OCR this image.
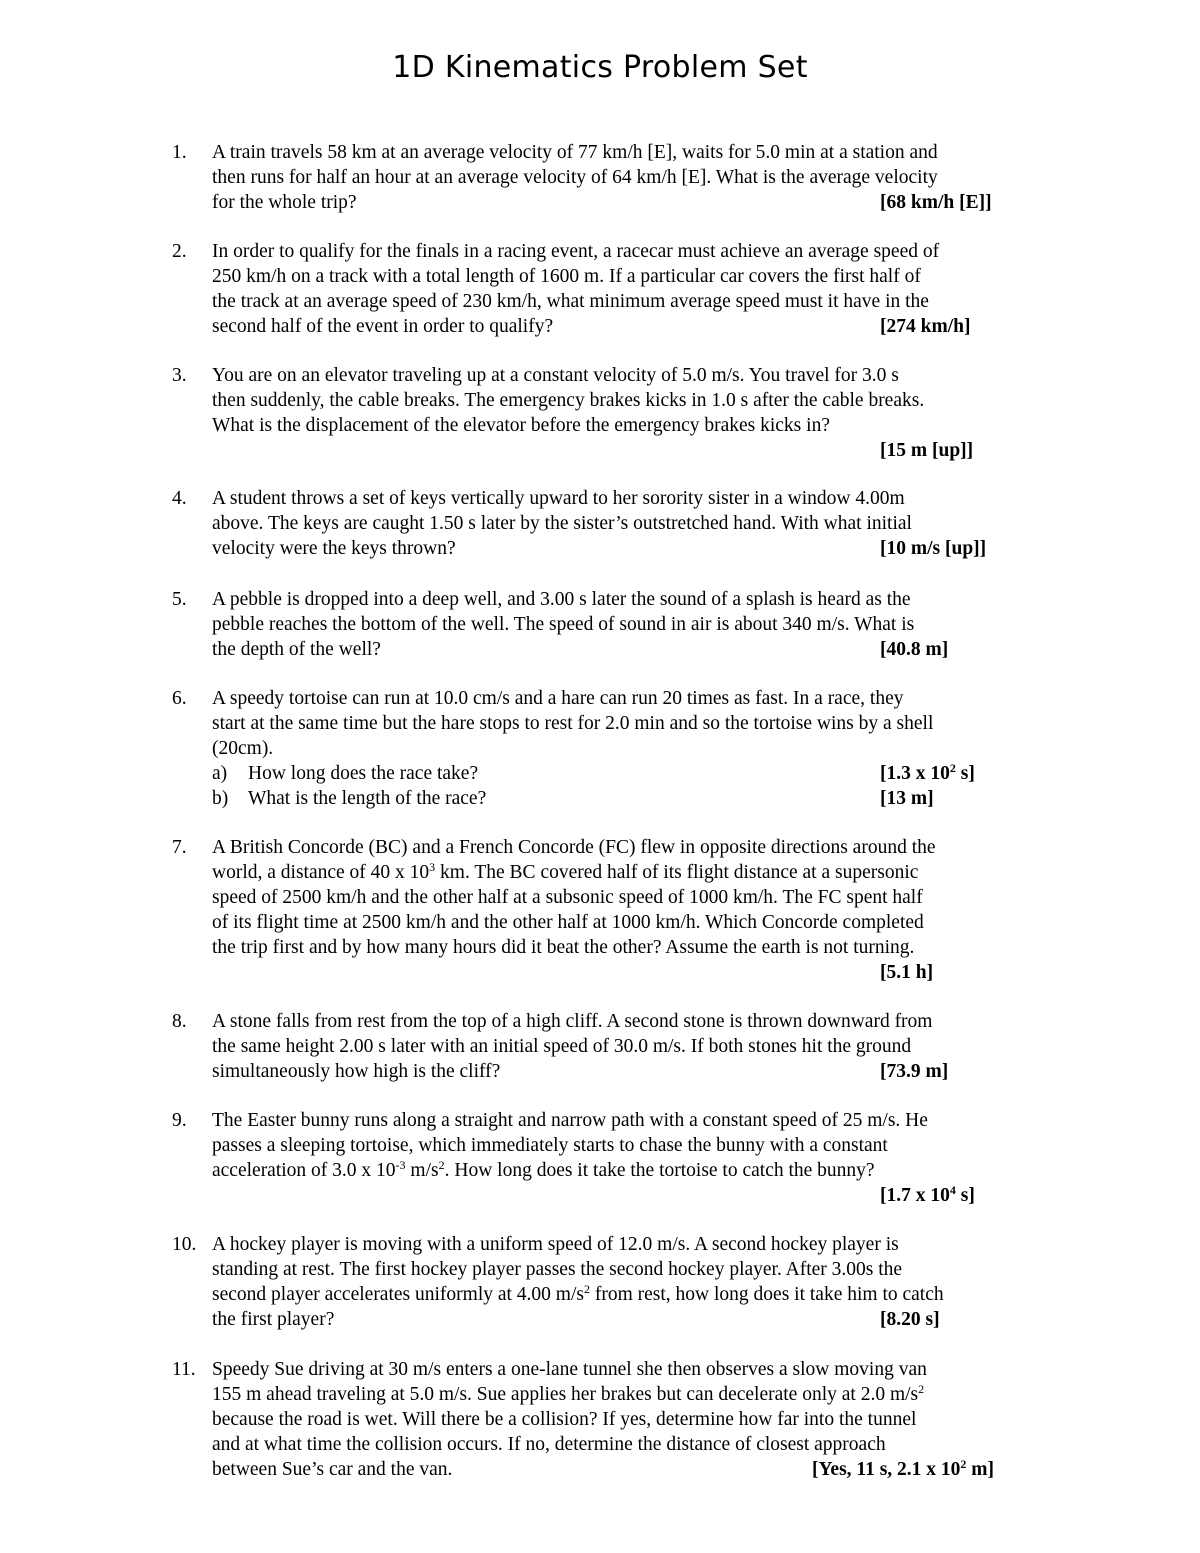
1D Kinematics Problem Set
1.	A train travels 58 km at an average velocity of 77 km/h [E], waits for 5.0 min at a station and
then runs for half an hour at an average velocity of 64 km/h [E]. What is the average velocity
for the whole trip?	[68 km/h [E]]
2.	In order to qualify for the finals in a racing event, a racecar must achieve an average speed of
250 km/h on a track with a total length of 1600 m. If a particular car covers the first half of
the track at an average speed of 230 km/h, what minimum average speed must it have in the
second half of the event in order to qualify?	[274 km/h]
3.	You are on an elevator traveling up at a constant velocity of 5.0 m/s. You travel for 3.0 s
then suddenly, the cable breaks. The emergency brakes kicks in 1.0 s after the cable breaks.
What is the displacement of the elevator before the emergency brakes kicks in?
[15 m [up]]
4.	A student throws a set of keys vertically upward to her sorority sister in a window 4.00m
above. The keys are caught 1.50 s later by the sister’s outstretched hand. With what initial
velocity were the keys thrown?	[10 m/s [up]]
5.	A pebble is dropped into a deep well, and 3.00 s later the sound of a splash is heard as the
pebble reaches the bottom of the well. The speed of sound in air is about 340 m/s. What is
the depth of the well?	[40.8 m]
6.	A speedy tortoise can run at 10.0 cm/s and a hare can run 20 times as fast. In a race, they
start at the same time but the hare stops to rest for 2.0 min and so the tortoise wins by a shell
(20cm).
a) How long does the race take?	[1.3 x $10^2$ s]
b) What is the length of the race?	[13 m]
7.	A British Concorde (BC) and a French Concorde (FC) flew in opposite directions around the
world, a distance of 40 x $10^3$ km. The BC covered half of its flight distance at a supersonic
speed of 2500 km/h and the other half at a subsonic speed of 1000 km/h. The FC spent half
of its flight time at 2500 km/h and the other half at 1000 km/h. Which Concorde completed
the trip first and by how many hours did it beat the other? Assume the earth is not turning.
[5.1 h]
8.	A stone falls from rest from the top of a high cliff. A second stone is thrown downward from
the same height 2.00 s later with an initial speed of 30.0 m/s. If both stones hit the ground
simultaneously how high is the cliff?	[73.9 m]
9.	The Easter bunny runs along a straight and narrow path with a constant speed of 25 m/s. He
passes a sleeping tortoise, which immediately starts to chase the bunny with a constant
acceleration of 3.0 x $10^{-3}$ $m/s^2$. How long does it take the tortoise to catch the bunny?
[1.7 x $10^4$ s]
10. A hockey player is moving with a uniform speed of 12.0 m/s. A second hockey player is
standing at rest. The first hockey player passes the second hockey player. After 3.00s the
second player accelerates uniformly at 4.00 $m/s^2$ from rest, how long does it take him to catch
the first player?	[8.20 s]
11. Speedy Sue driving at 30 m/s enters a one-lane tunnel she then observes a slow moving van
155 m ahead traveling at 5.0 m/s. Sue applies her brakes but can decelerate only at 2.0 $m/s^2$
because the road is wet. Will there be a collision? If yes, determine how far into the tunnel
and at what time the collision occurs. If no, determine the distance of closest approach
between Sue’s car and the van.	[Yes, 11 s, 2.1 x $10^2$ m]
